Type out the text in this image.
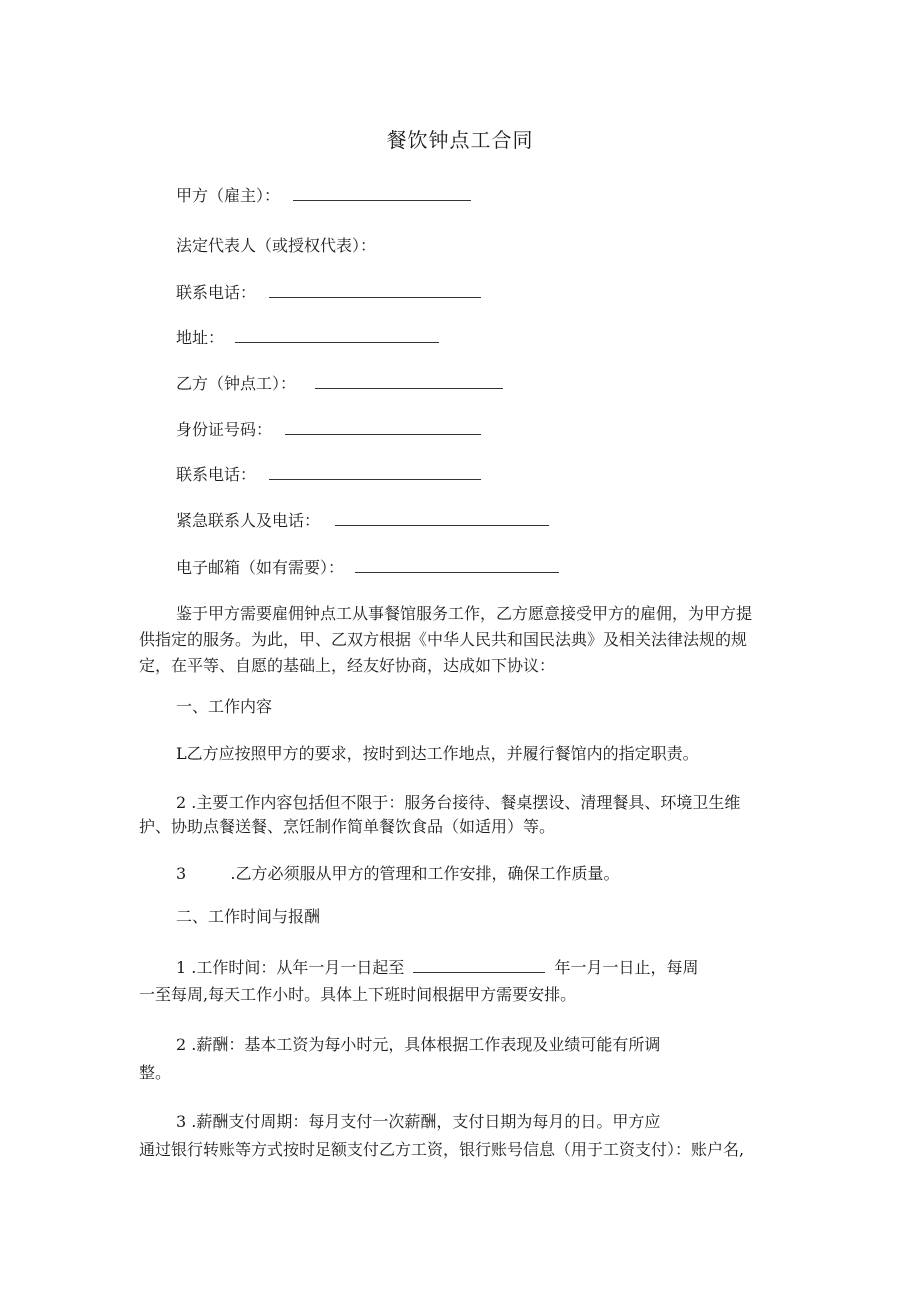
餐饮钟点工合同
甲方（雇主）：
法定代表人（或授权代表）：
联系电话：
地址：
乙方（钟点工）：
身份证号码：
联系电话：
紧急联系人及电话：
电子邮箱（如有需要）：
鉴于甲方需要雇佣钟点工从事餐馆服务工作，乙方愿意接受甲方的雇佣，为甲方提
供指定的服务。为此，甲、乙双方根据《中华人民共和国民法典》及相关法律法规的规
定，在平等、自愿的基础上，经友好协商，达成如下协议：
一、工作内容
L乙方应按照甲方的要求，按时到达工作地点，并履行餐馆内的指定职责。
2 .主要工作内容包括但不限于：服务台接待、餐桌摆设、清理餐具、环境卫生维
护、协助点餐送餐、烹饪制作简单餐饮食品（如适用）等。
3	.乙方必须服从甲方的管理和工作安排，确保工作质量。
二、工作时间与报酬
1 .工作时间：从年一月一日起至	年一月一日止，每周
一至每周,每天工作小时。具体上下班时间根据甲方需要安排。
2 .薪酬：基本工资为每小时元，具体根据工作表现及业绩可能有所调
整。
3 .薪酬支付周期：每月支付一次薪酬，支付日期为每月的日。甲方应
通过银行转账等方式按时足额支付乙方工资，银行账号信息（用于工资支付）：账户名,
